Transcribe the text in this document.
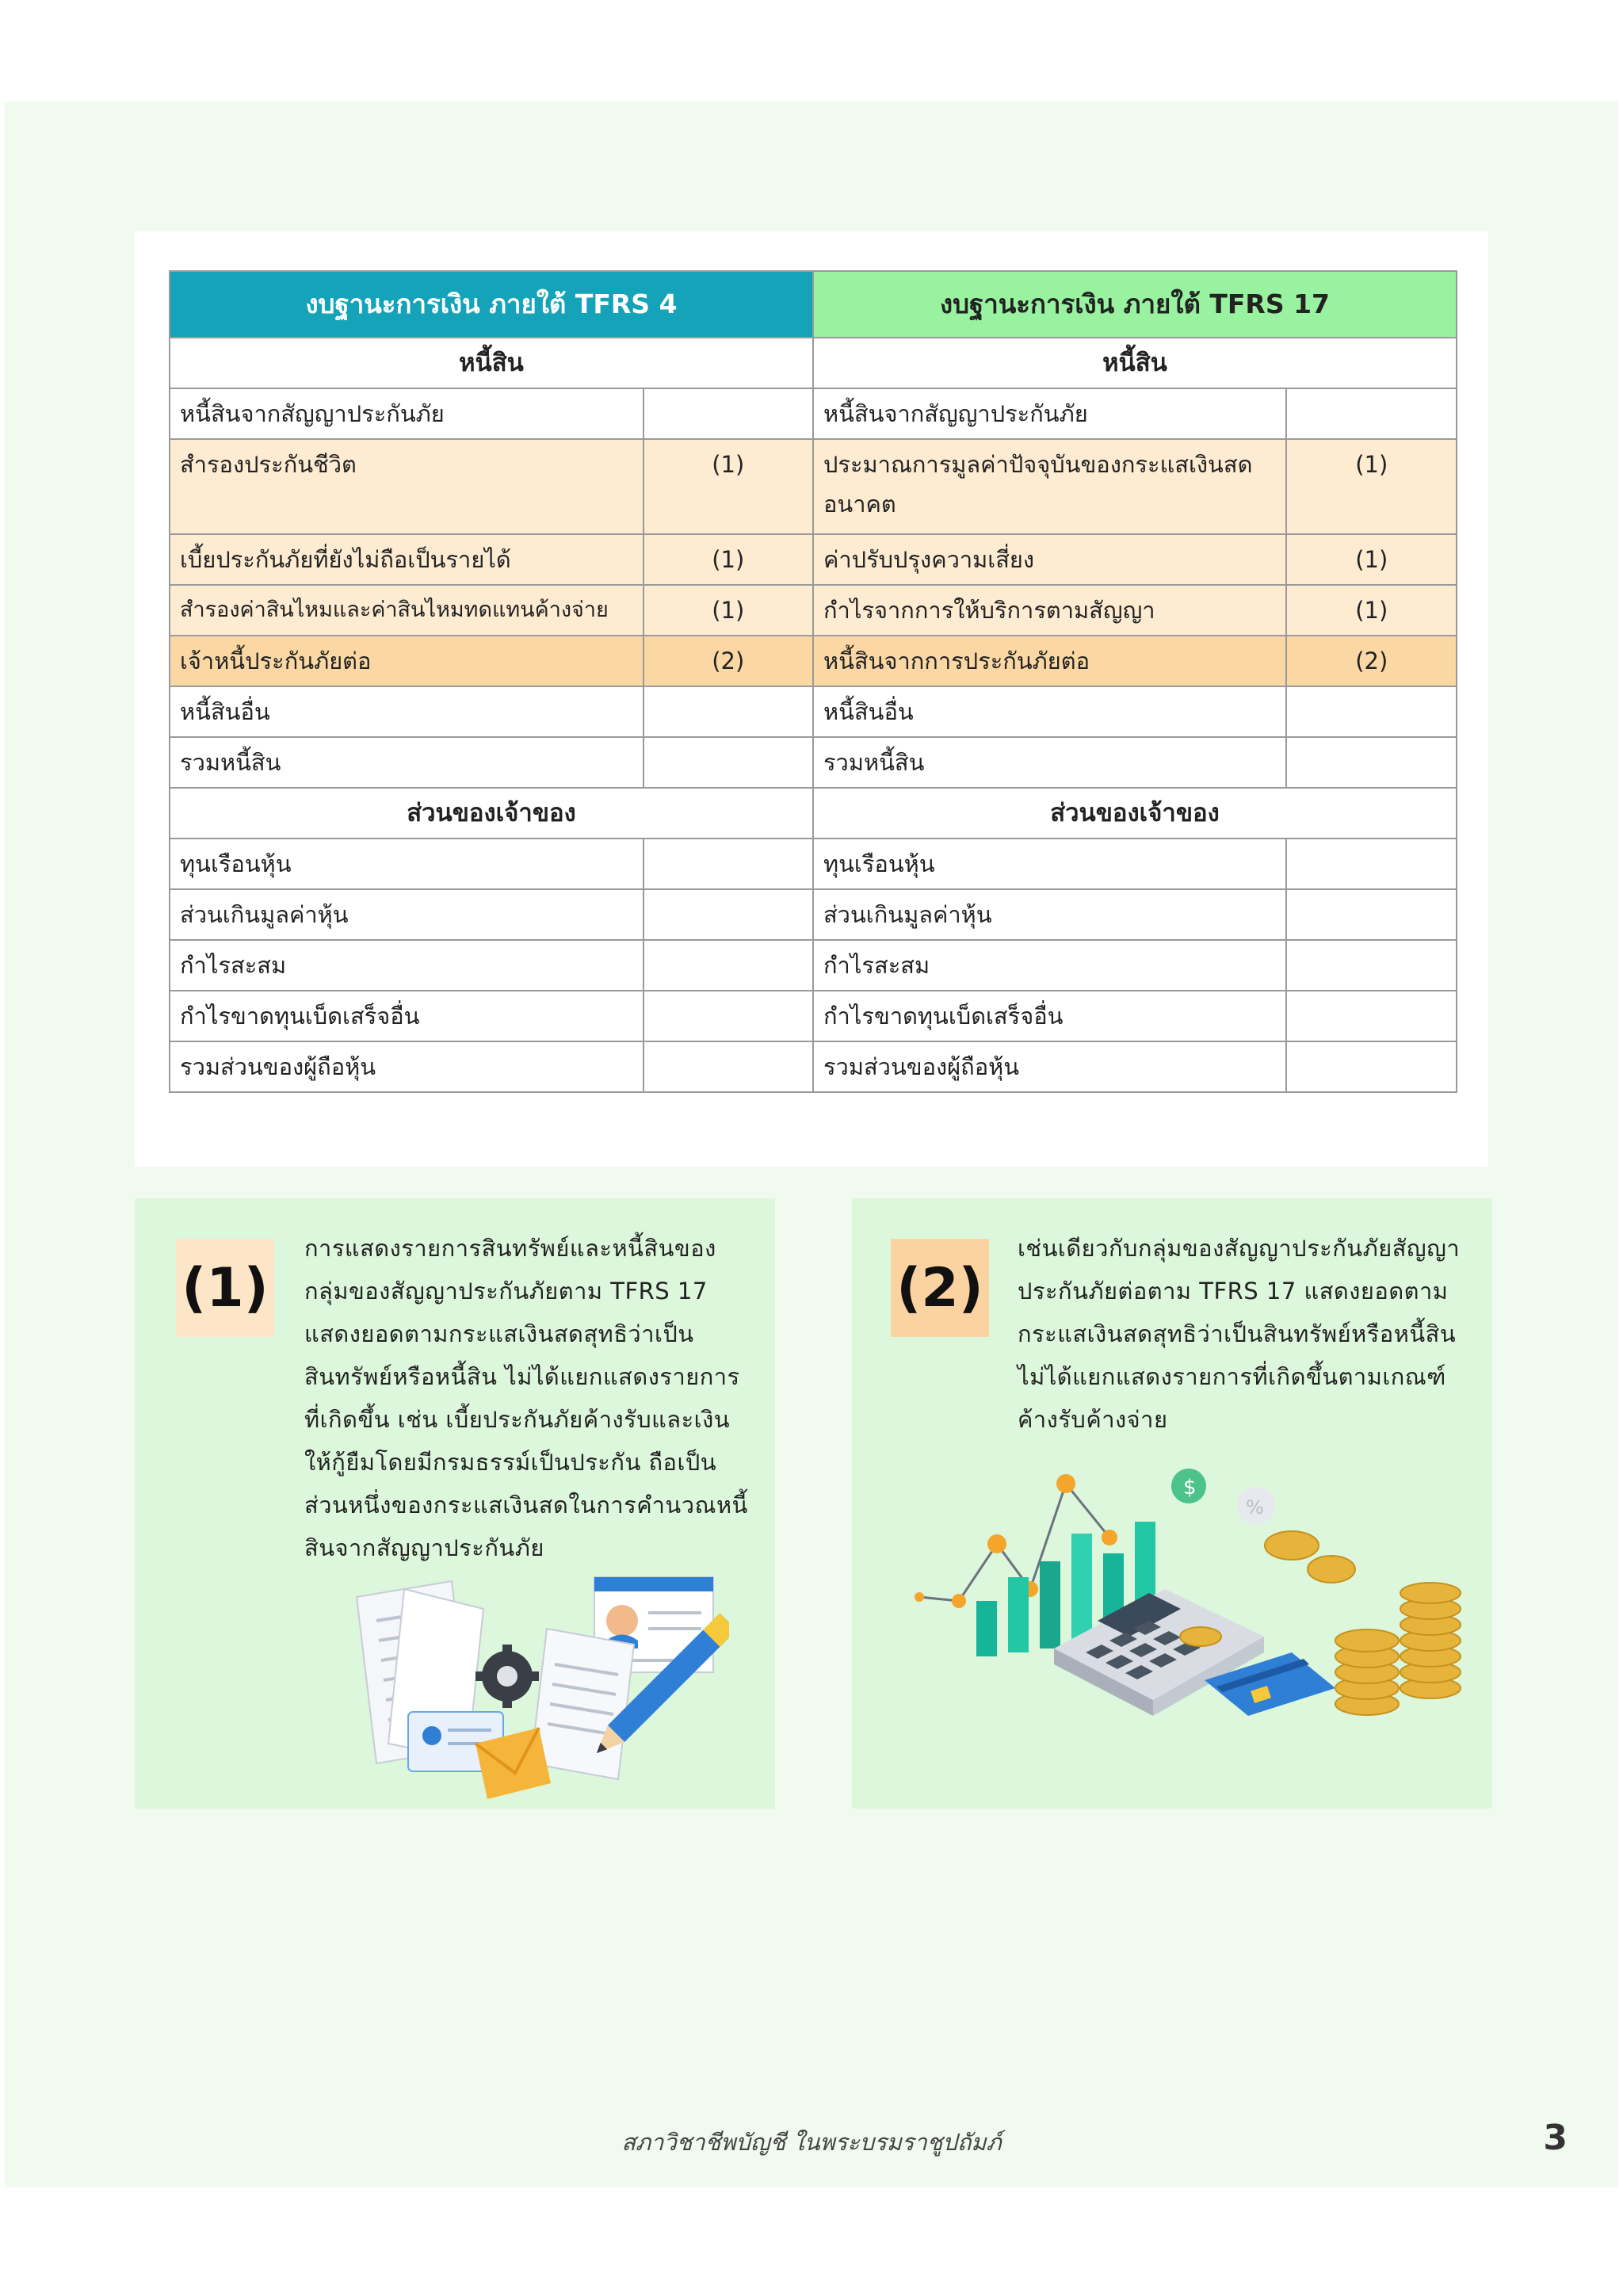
งบฐานะการเงิน ภายใต้ TFRS 4		งบฐานะการเงิน ภายใต้ TFRS 17	
หนี้สิน		หนี้สิน	
หนี้สินจากสัญญาประกันภัย		หนี้สินจากสัญญาประกันภัย	
สำรองประกันชีวิต	(1)	ประมาณการมูลค่าปัจจุบันของกระแสเงินสดอนาคต	(1)
เบี้ยประกันภัยที่ยังไม่ถือเป็นรายได้	(1)	ค่าปรับปรุงความเสี่ยง	(1)
สำรองค่าสินไหมและค่าสินไหมทดแทนค้างจ่าย	(1)	กำไรจากการให้บริการตามสัญญา	(1)
เจ้าหนี้ประกันภัยต่อ	(2)	หนี้สินจากการประกันภัยต่อ	(2)
หนี้สินอื่น		หนี้สินอื่น	
รวมหนี้สิน		รวมหนี้สิน	
ส่วนของเจ้าของ		ส่วนของเจ้าของ	
ทุนเรือนหุ้น		ทุนเรือนหุ้น	
ส่วนเกินมูลค่าหุ้น		ส่วนเกินมูลค่าหุ้น	
กำไรสะสม		กำไรสะสม	
กำไรขาดทุนเบ็ดเสร็จอื่น		กำไรขาดทุนเบ็ดเสร็จอื่น	
รวมส่วนของผู้ถือหุ้น		รวมส่วนของผู้ถือหุ้น	
(1)	(2)
การแสดงรายการสินทรัพย์และหนี้สินของกลุ่มของสัญญาประกันภัยตาม TFRS 17 แสดงยอดตามกระแสเงินสดสุทธิว่าเป็นสินทรัพย์หรือหนี้สิน ไม่ได้แยกแสดงรายการที่เกิดขึ้น เช่น เบี้ยประกันภัยค้างรับและเงินให้กู้ยืมโดยมีกรมธรรม์เป็นประกัน ถือเป็นส่วนหนึ่งของกระแสเงินสดในการคำนวณหนี้สินจากสัญญาประกันภัย
เช่นเดียวกับกลุ่มของสัญญาประกันภัยสัญญาประกันภัยต่อตาม TFRS 17 แสดงยอดตามกระแสเงินสดสุทธิว่าเป็นสินทรัพย์หรือหนี้สิน ไม่ได้แยกแสดงรายการที่เกิดขึ้นตามเกณฑ์ค้างรับค้างจ่าย
$
%
สภาวิชาชีพบัญชี ในพระบรมราชูปถัมภ์	3
